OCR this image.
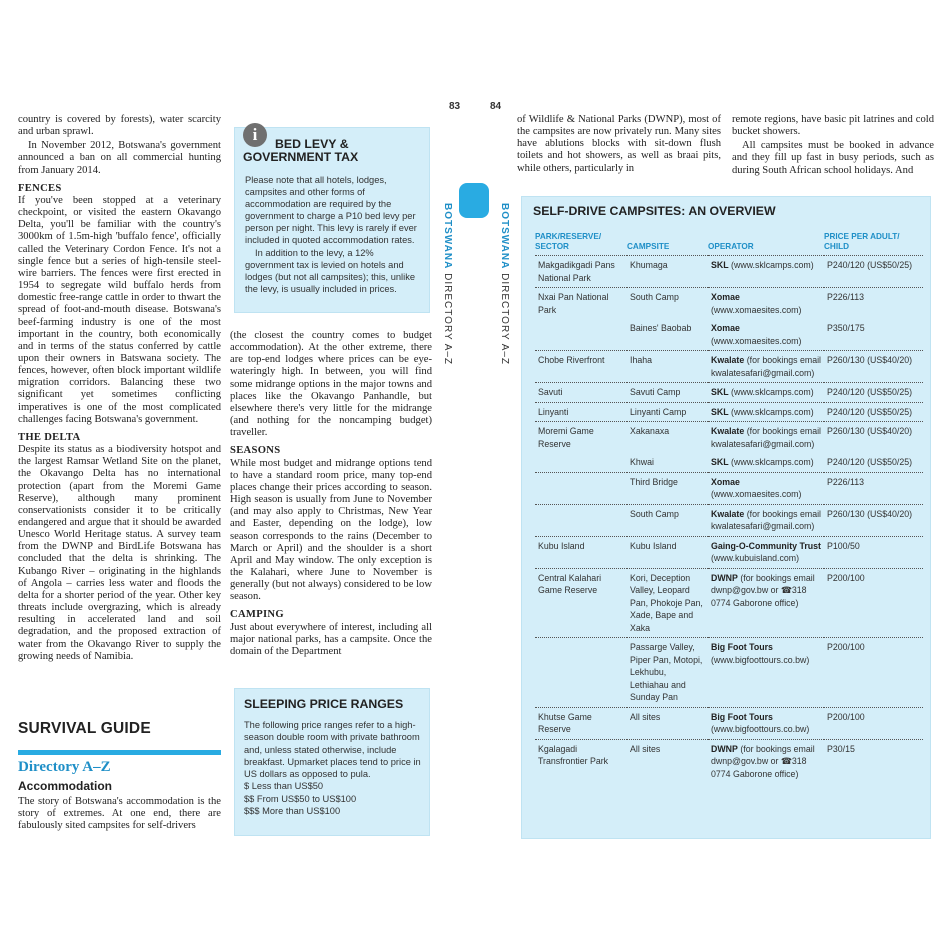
83	84

country is covered by forests), water scarcity and urban sprawl.

In November 2012, Botswana's government announced a ban on all commercial hunting from January 2014.

FENCES

If you've been stopped at a veterinary checkpoint, or visited the eastern Okavango Delta, you'll be familiar with the country's 3000km of 1.5m-high 'buffalo fence', officially called the Veterinary Cordon Fence. It's not a single fence but a series of high-tensile steel-wire barriers. The fences were first erected in 1954 to segregate wild buffalo herds from domestic free-range cattle in order to thwart the spread of foot-and-mouth disease. Botswana's beef-farming industry is one of the most important in the country, both economically and in terms of the status conferred by cattle upon their owners in Batswana society. The fences, however, often block important wildlife migration corridors. Balancing these two significant yet sometimes conflicting imperatives is one of the most complicated challenges facing Botswana's government.

THE DELTA

Despite its status as a biodiversity hotspot and the largest Ramsar Wetland Site on the planet, the Okavango Delta has no international protection (apart from the Moremi Game Reserve), although many prominent conservationists consider it to be critically endangered and argue that it should be awarded Unesco World Heritage status. A survey team from the DWNP and BirdLife Botswana has concluded that the delta is shrinking. The Kubango River – originating in the highlands of Angola – carries less water and floods the delta for a shorter period of the year. Other key threats include overgrazing, which is already resulting in accelerated land and soil degradation, and the proposed extraction of water from the Okavango River to supply the growing needs of Namibia.

SURVIVAL GUIDE
Directory A–Z
Accommodation

The story of Botswana's accommodation is the story of extremes. At one end, there are fabulously sited campsites for self-drivers

i	BED LEVY &
GOVERNMENT TAX

Please note that all hotels, lodges, campsites and other forms of accommodation are required by the government to charge a P10 bed levy per person per night. This levy is rarely if ever included in quoted accommodation rates.

In addition to the levy, a 12% government tax is levied on hotels and lodges (but not all campsites); this, unlike the levy, is usually included in prices.

(the closest the country comes to budget accommodation). At the other extreme, there are top-end lodges where prices can be eye-wateringly high. In between, you will find some midrange options in the major towns and places like the Okavango Panhandle, but elsewhere there's very little for the midrange (and nothing for the noncamping budget) traveller.

SEASONS

While most budget and midrange options tend to have a standard room price, many top-end places change their prices according to season. High season is usually from June to November (and may also apply to Christmas, New Year and Easter, depending on the lodge), low season corresponds to the rains (December to March or April) and the shoulder is a short April and May window. The only exception is the Kalahari, where June to November is generally (but not always) considered to be low season.

CAMPING

Just about everywhere of interest, including all major national parks, has a campsite. Once the domain of the Department

SLEEPING PRICE RANGES
The following price ranges refer to a high-season double room with private bathroom and, unless stated otherwise, include breakfast. Upmarket places tend to price in US dollars as opposed to pula.
$ Less than US$50
$$ From US$50 to US$100
$$$ More than US$100
BOTSWANA DIRECTORY A–Z
BOTSWANA DIRECTORY A–Z

of Wildlife & National Parks (DWNP), most of the campsites are now privately run. Many sites have ablutions blocks with sit-down flush toilets and hot showers, as well as braai pits, while others, particularly in

remote regions, have basic pit latrines and cold bucket showers.

All campsites must be booked in advance and they fill up fast in busy periods, such as during South African school holidays. And

SELF-DRIVE CAMPSITES: AN OVERVIEW
PARK/RESERVE/ SECTOR	CAMPSITE	OPERATOR	PRICE PER ADULT/ CHILD
Makgadikgadi Pans National Park	Khumaga	SKL (www.sklcamps.com)	P240/120 (US$50/25)
Nxai Pan National Park	South Camp	Xomae (www.xomaesites.com)	P226/113
	Baines' Baobab	Xomae (www.xomaesites.com)	P350/175
Chobe Riverfront	Ihaha	Kwalate (for bookings email kwalatesafari@gmail.com)	P260/130 (US$40/20)
Savuti	Savuti Camp	SKL (www.sklcamps.com)	P240/120 (US$50/25)
Linyanti	Linyanti Camp	SKL (www.sklcamps.com)	P240/120 (US$50/25)
Moremi Game Reserve	Xakanaxa	Kwalate (for bookings email kwalatesafari@gmail.com)	P260/130 (US$40/20)
	Khwai	SKL (www.sklcamps.com)	P240/120 (US$50/25)
	Third Bridge	Xomae (www.xomaesites.com)	P226/113
	South Camp	Kwalate (for bookings email kwalatesafari@gmail.com)	P260/130 (US$40/20)
Kubu Island	Kubu Island	Gaing-O-Community Trust (www.kubuisland.com)	P100/50
Central Kalahari Game Reserve	Kori, Deception Valley, Leopard Pan, Phokoje Pan, Xade, Bape and Xaka	DWNP (for bookings email dwnp@gov.bw or ☎318 0774 Gaborone office)	P200/100
	Passarge Valley, Piper Pan, Motopi, Lekhubu, Lethiahau and Sunday Pan	Big Foot Tours (www.bigfoottours.co.bw)	P200/100
Khutse Game Reserve	All sites	Big Foot Tours (www.bigfoottours.co.bw)	P200/100
Kgalagadi Transfrontier Park	All sites	DWNP (for bookings email dwnp@gov.bw or ☎318 0774 Gaborone office)	P30/15
